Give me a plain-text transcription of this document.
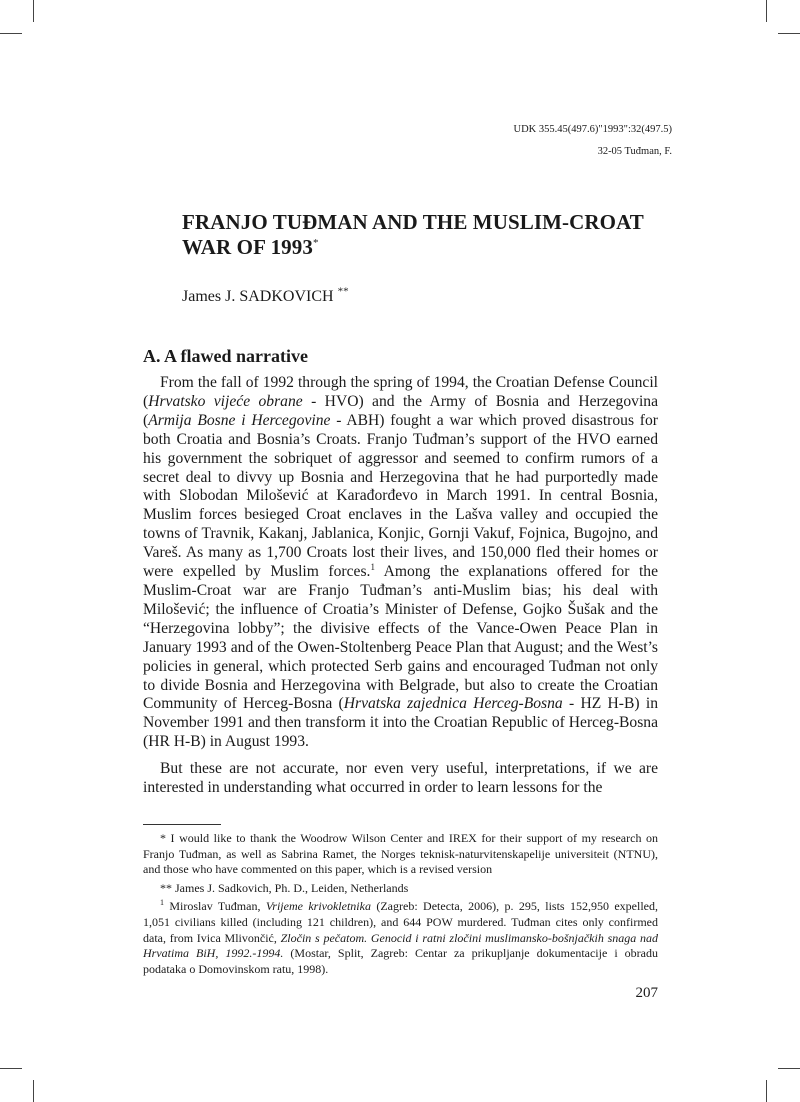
UDK 355.45(497.6)"1993":32(497.5)
32-05 Tuđman, F.
FRANJO TUĐMAN AND THE MUSLIM-CROAT WAR OF 1993*
James J. SADKOVICH **
A. A flawed narrative

From the fall of 1992 through the spring of 1994, the Croatian Defense Council (Hrvatsko vijeće obrane - HVO) and the Army of Bosnia and Herzegovina (Armija Bosne i Hercegovine - ABH) fought a war which proved disastrous for both Croatia and Bosnia’s Croats. Franjo Tuđman’s support of the HVO earned his government the sobriquet of aggressor and seemed to confirm rumors of a secret deal to divvy up Bosnia and Herzegovina that he had purportedly made with Slobodan Milošević at Karađorđevo in March 1991. In central Bosnia, Muslim forces besieged Croat enclaves in the Lašva valley and occupied the towns of Travnik, Kakanj, Jablanica, Konjic, Gornji Vakuf, Fojnica, Bugojno, and Vareš. As many as 1,700 Croats lost their lives, and 150,000 fled their homes or were expelled by Muslim forces.$^1$ Among the explanations offered for the Muslim-Croat war are Franjo Tuđman’s anti-Muslim bias; his deal with Milošević; the influence of Croatia’s Minister of Defense, Gojko Šušak and the “Herzegovina lobby”; the divisive effects of the Vance-Owen Peace Plan in January 1993 and of the Owen-Stoltenberg Peace Plan that August; and the West’s policies in general, which protected Serb gains and encouraged Tuđman not only to divide Bosnia and Herzegovina with Belgrade, but also to create the Croatian Community of Herceg-Bosna (Hrvatska zajednica Herceg-Bosna - HZ H-B) in November 1991 and then transform it into the Croatian Republic of Herceg-Bosna (HR H-B) in August 1993.

But these are not accurate, nor even very useful, interpretations, if we are interested in understanding what occurred in order to learn lessons for the

* I would like to thank the Woodrow Wilson Center and IREX for their support of my research on Franjo Tuđman, as well as Sabrina Ramet, the Norges teknisk-naturvitenskapelije universiteit (NTNU), and those who have commented on this paper, which is a revised version

** James J. Sadkovich, Ph. D., Leiden, Netherlands

$^1$ Miroslav Tuđman, Vrijeme krivokletnika (Zagreb: Detecta, 2006), p. 295, lists 152,950 expelled, 1,051 civilians killed (including 121 children), and 644 POW murdered. Tuđman cites only confirmed data, from Ivica Mlivončić, Zločin s pečatom. Genocid i ratni zločini muslimansko-bošnjačkih snaga nad Hrvatima BiH, 1992.-1994. (Mostar, Split, Zagreb: Centar za prikupljanje dokumentacije i obradu podataka o Domovinskom ratu, 1998).

207
